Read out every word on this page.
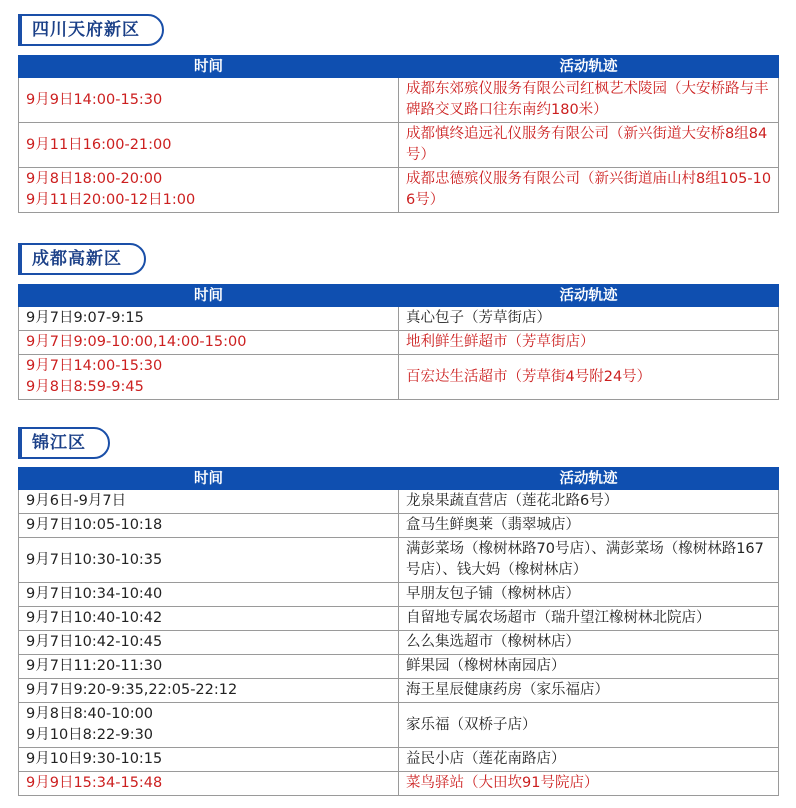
四川天府新区
时间	活动轨迹

9月9日14:00-15:30	成都东郊殡仪服务有限公司红枫艺术陵园（大安桥路与丰碑路交叉路口往东南约180米）

9月11日16:00-21:00	成都慎终追远礼仪服务有限公司（新兴街道大安桥8组84号）

9月8日18:00-20:00
9月11日20:00-12日1:00	成都忠德殡仪服务有限公司（新兴街道庙山村8组105-106号）
成都高新区
时间	活动轨迹

9月7日9:07-9:15	真心包子（芳草街店）

9月7日9:09-10:00,14:00-15:00	地利鲜生鲜超市（芳草街店）

9月7日14:00-15:30
9月8日8:59-9:45	百宏达生活超市（芳草街4号附24号）
锦江区
时间	活动轨迹

9月6日-9月7日	龙泉果蔬直营店（莲花北路6号）

9月7日10:05-10:18	盒马生鲜奥莱（翡翠城店）

9月7日10:30-10:35	满彭菜场（橡树林路70号店）、满彭菜场（橡树林路167号店）、钱大妈（橡树林店）

9月7日10:34-10:40	早朋友包子铺（橡树林店）

9月7日10:40-10:42	自留地专属农场超市（瑞升望江橡树林北院店）

9月7日10:42-10:45	么么集选超市（橡树林店）

9月7日11:20-11:30	鲜果园（橡树林南园店）

9月7日9:20-9:35,22:05-22:12	海王星辰健康药房（家乐福店）

9月8日8:40-10:00
9月10日8:22-9:30	家乐福（双桥子店）

9月10日9:30-10:15	益民小店（莲花南路店）

9月9日15:34-15:48	菜鸟驿站（大田坎91号院店）
